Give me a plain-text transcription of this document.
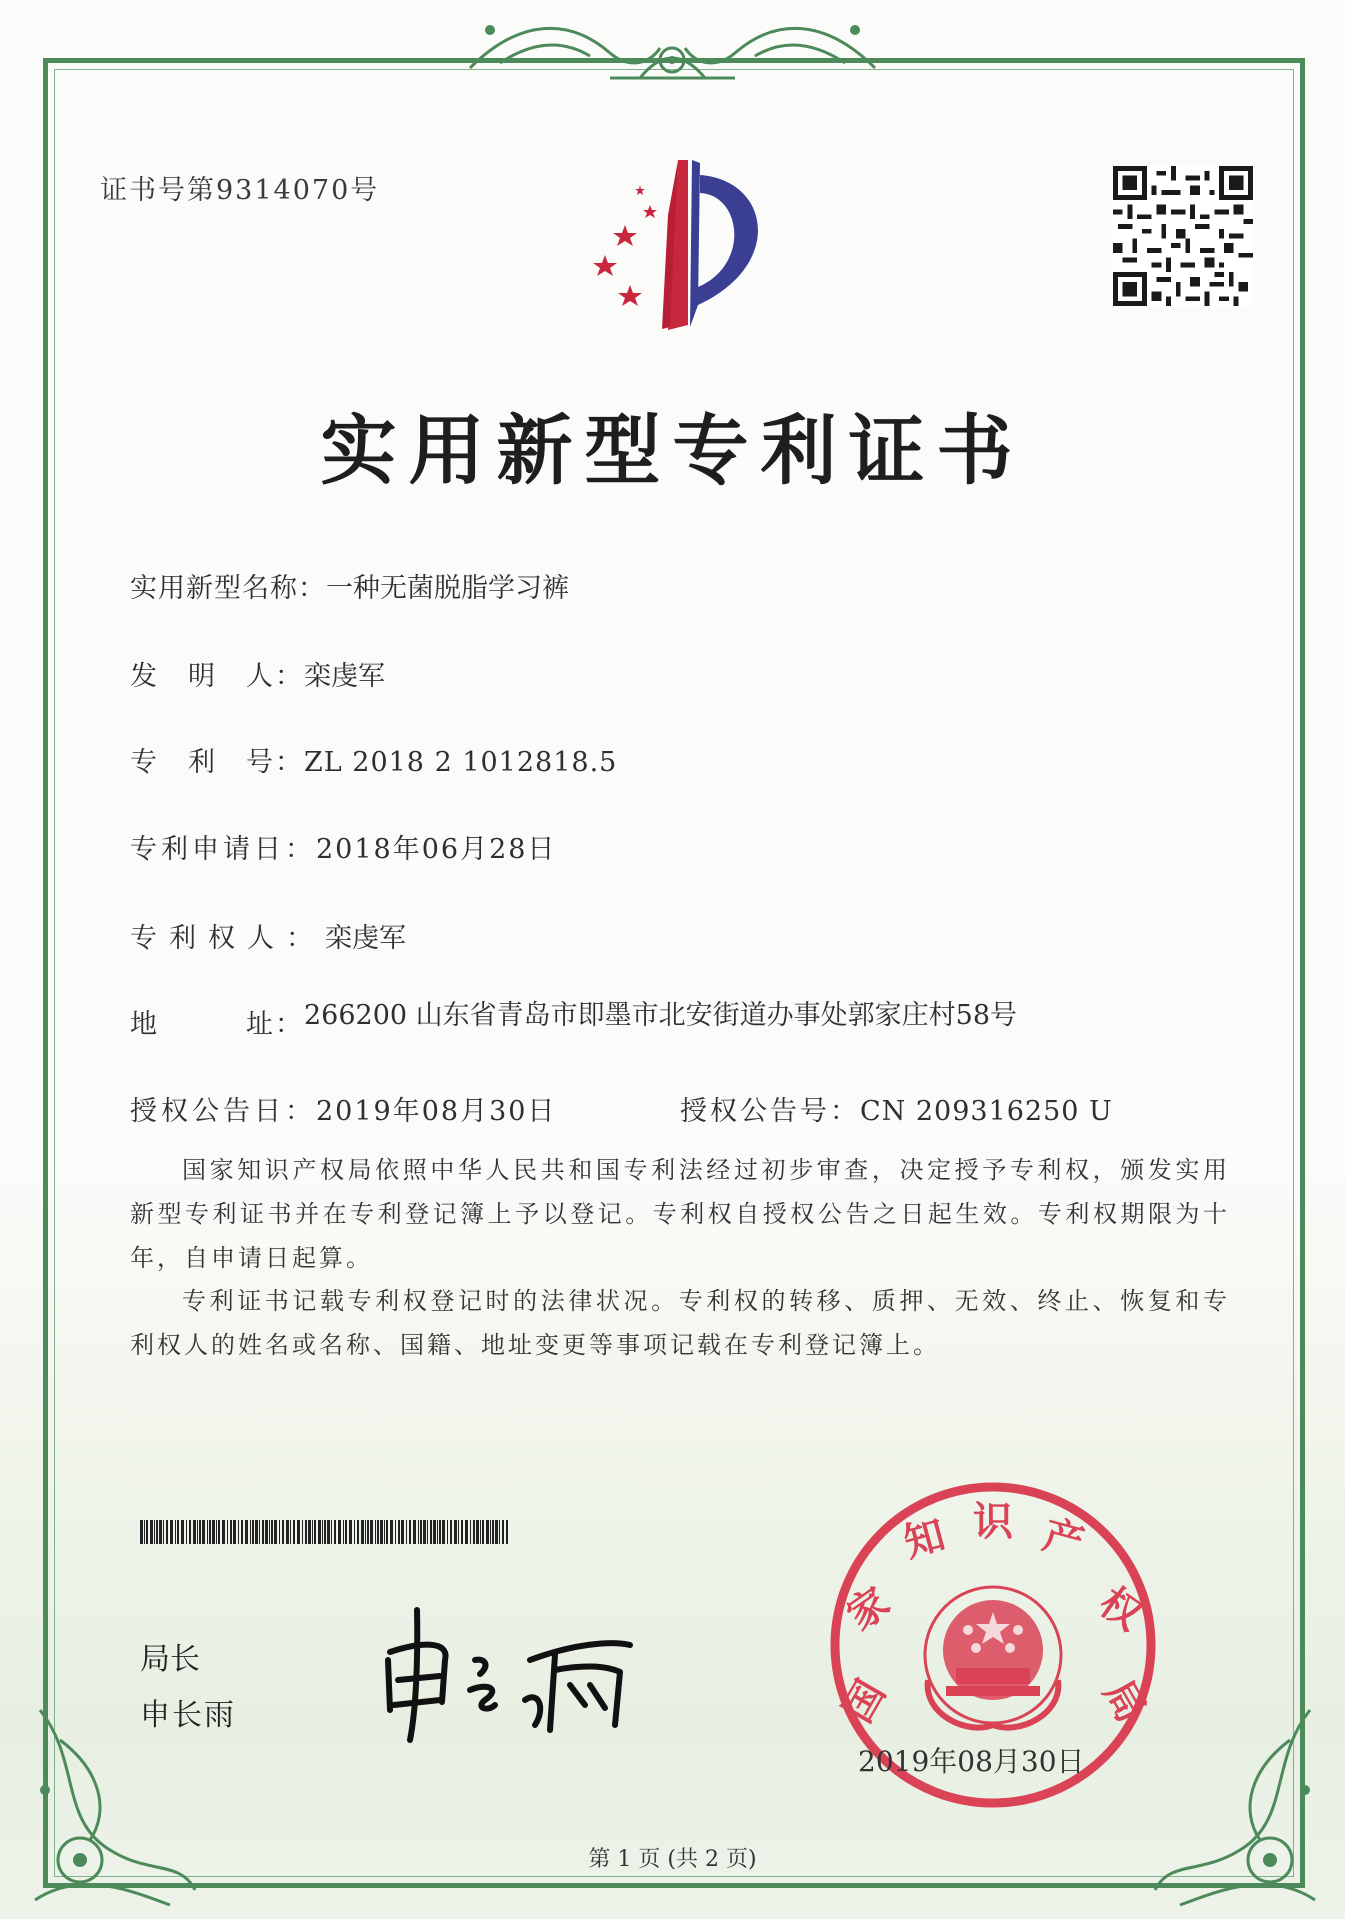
证书号第9314070号
实用新型专利证书
实用新型名称：一种无菌脱脂学习裤
发　明　人：栾虔军
专　利　号：ZL 2018 2 1012818.5
专利申请日：2018年06月28日
专利权人：栾虔军
地　　　址：266200 山东省青岛市即墨市北安街道办事处郭家庄村58号
授权公告日：2019年08月30日	授权公告号：CN 209316250 U
国家知识产权局依照中华人民共和国专利法经过初步审查，决定授予专利权，颁发实用新型专利证书并在专利登记簿上予以登记。专利权自授权公告之日起生效。专利权期限为十年，自申请日起算。
专利证书记载专利权登记时的法律状况。专利权的转移、质押、无效、终止、恢复和专利权人的姓名或名称、国籍、地址变更等事项记载在专利登记簿上。
局长
申长雨	国
家
知 识 产
权
局
2019年08月30日
第 1 页 (共 2 页)
